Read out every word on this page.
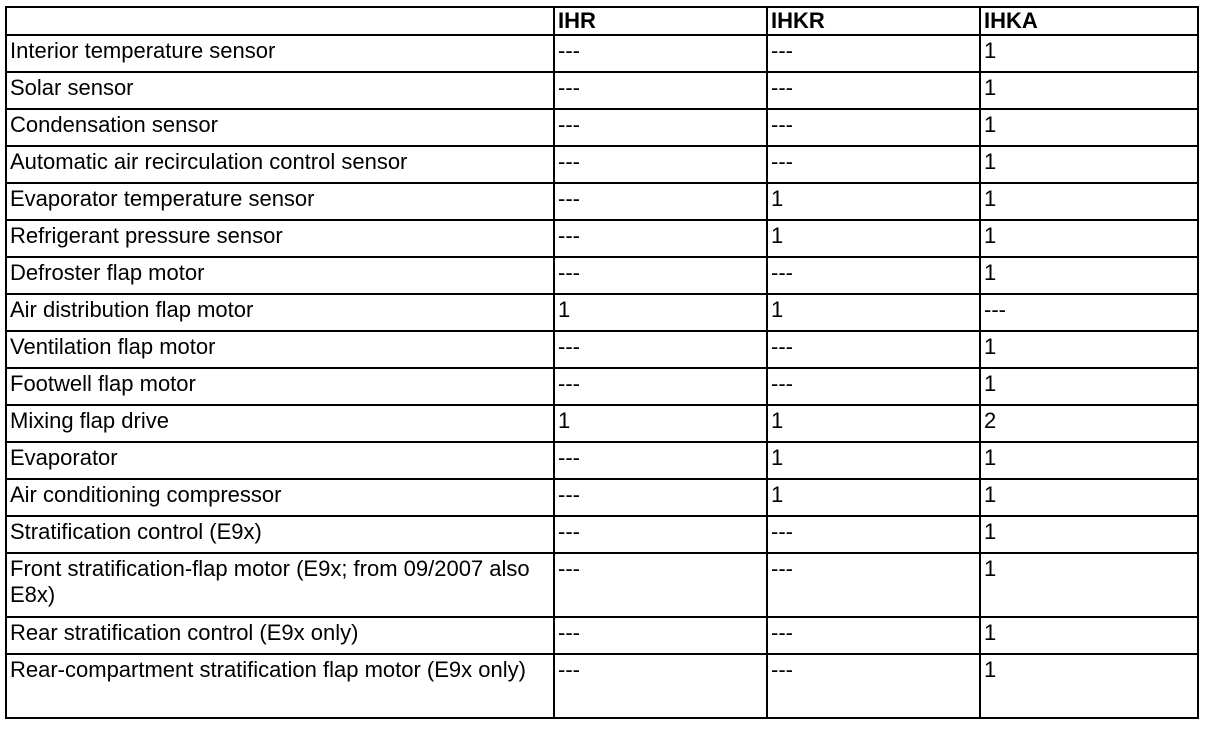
	IHR	IHKR	IHKA
Interior temperature sensor	---	---	1
Solar sensor	---	---	1
Condensation sensor	---	---	1
Automatic air recirculation control sensor	---	---	1
Evaporator temperature sensor	---	1	1
Refrigerant pressure sensor	---	1	1
Defroster flap motor	---	---	1
Air distribution flap motor	1	1	---
Ventilation flap motor	---	---	1
Footwell flap motor	---	---	1
Mixing flap drive	1	1	2
Evaporator	---	1	1
Air conditioning compressor	---	1	1
Stratification control (E9x)	---	---	1
Front stratification-flap motor (E9x; from 09/2007 also E8x)	---	---	1
Rear stratification control (E9x only)	---	---	1
Rear-compartment stratification flap motor (E9x only)	---	---	1
